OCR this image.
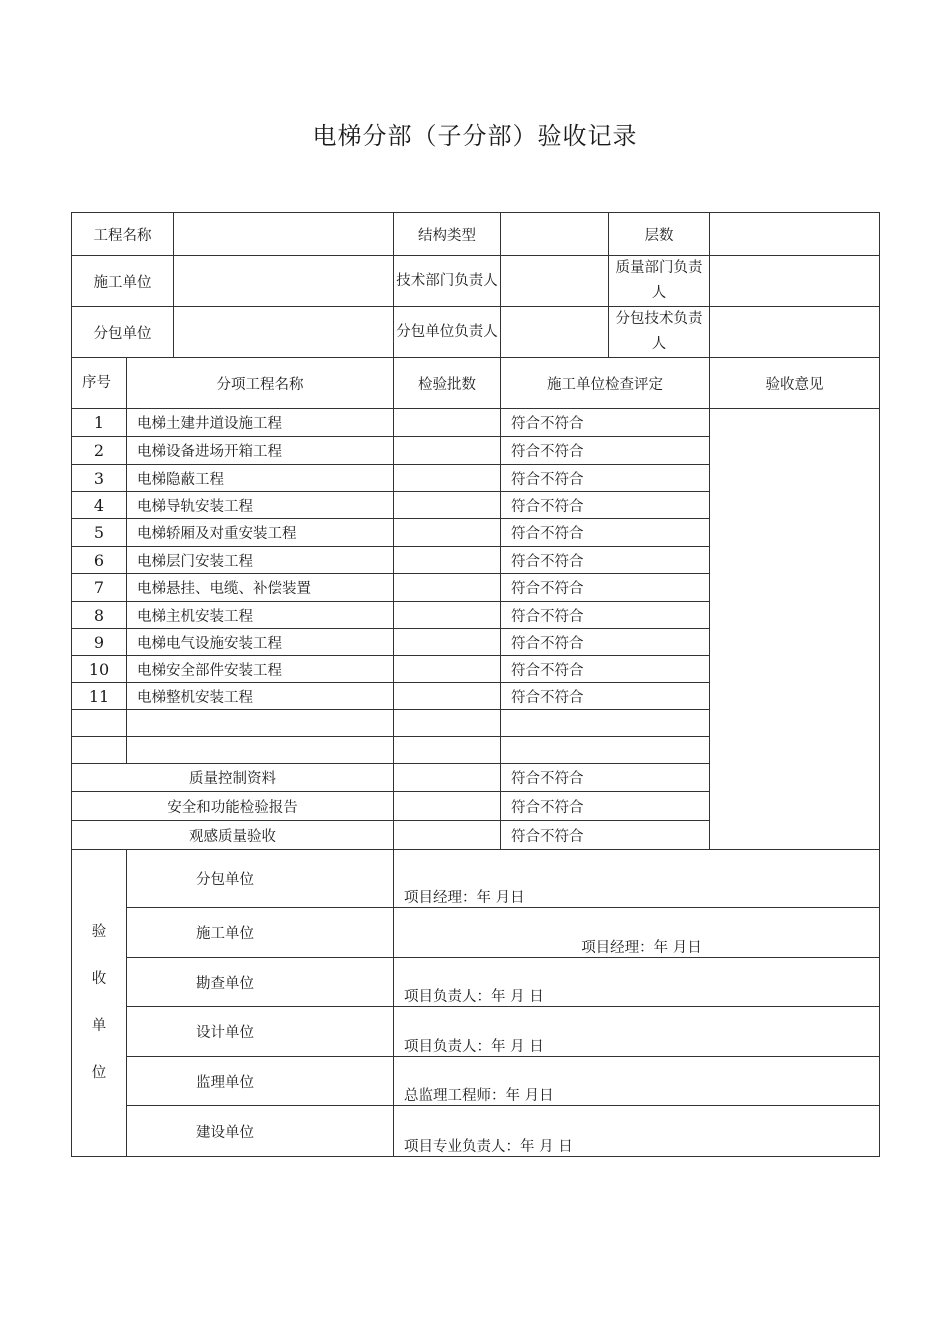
电梯分部（子分部）验收记录
工程名称			结构类型		层数	
施工单位			技术部门负责人		质量部门负责人	
分包单位			分包单位负责人		分包技术负责人	
序号	分项工程名称		检验批数	施工单位检查评定		验收意见
1	电梯土建井道设施工程			符合不符合		
2	电梯设备进场开箱工程			符合不符合		
3	电梯隐蔽工程			符合不符合		
4	电梯导轨安装工程			符合不符合		
5	电梯轿厢及对重安装工程			符合不符合		
6	电梯层门安装工程			符合不符合		
7	电梯悬挂、电缆、补偿装置			符合不符合		
8	电梯主机安装工程			符合不符合		
9	电梯电气设施安装工程			符合不符合		
10	电梯安全部件安装工程			符合不符合		
11	电梯整机安装工程			符合不符合		

质量控制资料				符合不符合		
安全和功能检验报告				符合不符合		
观感质量验收				符合不符合		
验
收
单
位	分包单位		项目经理：年 月日			

	施工单位		项目经理：年 月日			

	勘查单位		项目负责人：年 月 日			

	设计单位		项目负责人：年 月 日			

	监理单位		总监理工程师：年 月日			

	建设单位		项目专业负责人：年 月 日			
